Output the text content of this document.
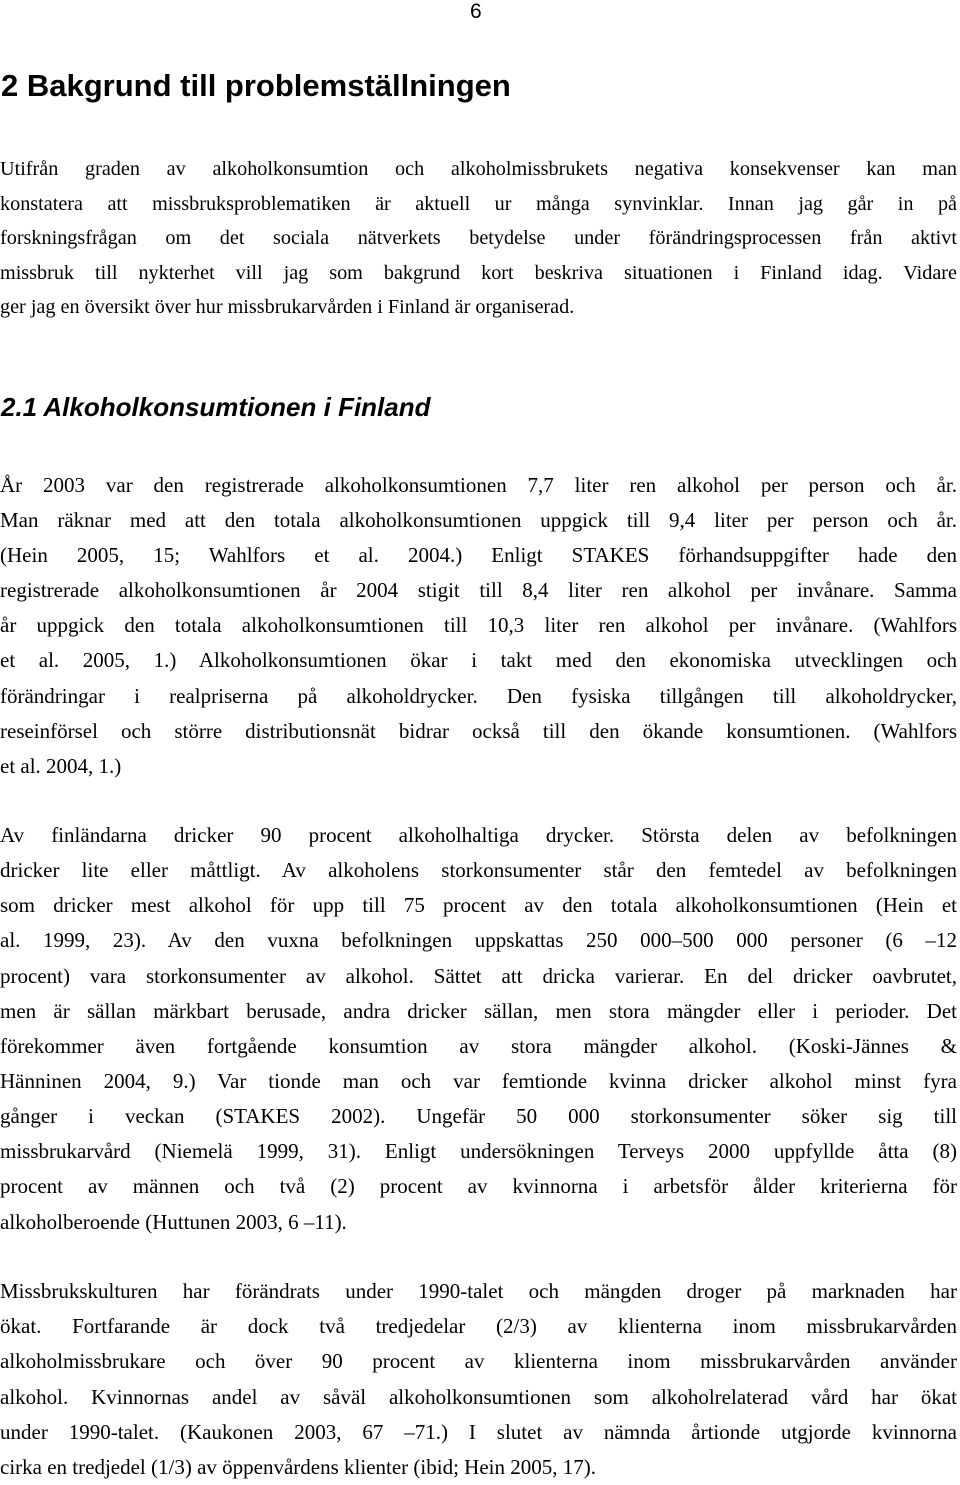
6
2 Bakgrund till problemställningen
Utifrån graden av alkoholkonsumtion och alkoholmissbrukets negativa konsekvenser kan man
konstatera att missbruksproblematiken är aktuell ur många synvinklar. Innan jag går in på
forskningsfrågan om det sociala nätverkets betydelse under förändringsprocessen från aktivt
missbruk till nykterhet vill jag som bakgrund kort beskriva situationen i Finland idag. Vidare
ger jag en översikt över hur missbrukarvården i Finland är organiserad.
2.1 Alkoholkonsumtionen i Finland
År 2003 var den registrerade alkoholkonsumtionen 7,7 liter ren alkohol per person och år.
Man räknar med att den totala alkoholkonsumtionen uppgick till 9,4 liter per person och år.
(Hein 2005, 15; Wahlfors et al. 2004.) Enligt STAKES förhandsuppgifter hade den
registrerade alkoholkonsumtionen år 2004 stigit till 8,4 liter ren alkohol per invånare. Samma
år uppgick den totala alkoholkonsumtionen till 10,3 liter ren alkohol per invånare. (Wahlfors
et al. 2005, 1.) Alkoholkonsumtionen ökar i takt med den ekonomiska utvecklingen och
förändringar i realpriserna på alkoholdrycker. Den fysiska tillgången till alkoholdrycker,
reseinförsel och större distributionsnät bidrar också till den ökande konsumtionen. (Wahlfors
et al. 2004, 1.)
Av finländarna dricker 90 procent alkoholhaltiga drycker. Största delen av befolkningen
dricker lite eller måttligt. Av alkoholens storkonsumenter står den femtedel av befolkningen
som dricker mest alkohol för upp till 75 procent av den totala alkoholkonsumtionen (Hein et
al. 1999, 23). Av den vuxna befolkningen uppskattas 250 000–500 000 personer (6 –12
procent) vara storkonsumenter av alkohol. Sättet att dricka varierar. En del dricker oavbrutet,
men är sällan märkbart berusade, andra dricker sällan, men stora mängder eller i perioder. Det
förekommer även fortgående konsumtion av stora mängder alkohol. (Koski-Jännes &
Hänninen 2004, 9.) Var tionde man och var femtionde kvinna dricker alkohol minst fyra
gånger i veckan (STAKES 2002). Ungefär 50 000 storkonsumenter söker sig till
missbrukarvård (Niemelä 1999, 31). Enligt undersökningen Terveys 2000 uppfyllde åtta (8)
procent av männen och två (2) procent av kvinnorna i arbetsför ålder kriterierna för
alkoholberoende (Huttunen 2003, 6 –11).
Missbrukskulturen har förändrats under 1990-talet och mängden droger på marknaden har
ökat. Fortfarande är dock två tredjedelar (2/3) av klienterna inom missbrukarvården
alkoholmissbrukare och över 90 procent av klienterna inom missbrukarvården använder
alkohol. Kvinnornas andel av såväl alkoholkonsumtionen som alkoholrelaterad vård har ökat
under 1990-talet. (Kaukonen 2003, 67 –71.) I slutet av nämnda årtionde utgjorde kvinnorna
cirka en tredjedel (1/3) av öppenvårdens klienter (ibid; Hein 2005, 17).
